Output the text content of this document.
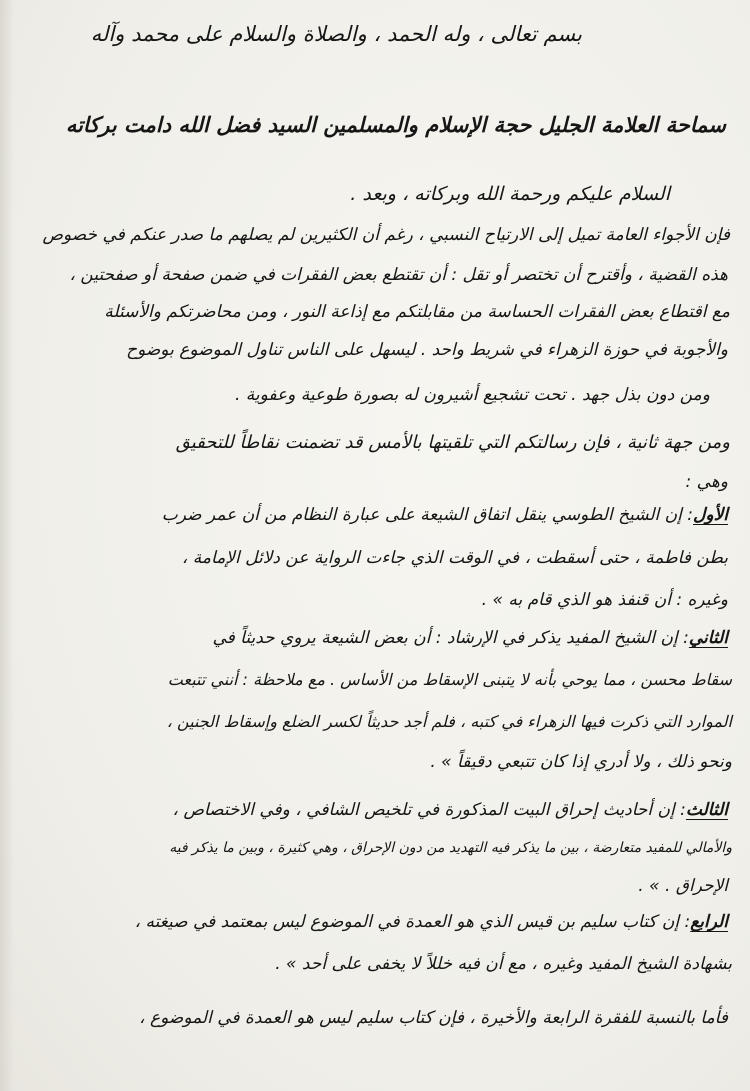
بسم تعالى ، وله الحمد ، والصلاة والسلام على محمد وآله
سماحة العلامة الجليل حجة الإسلام والمسلمين السيد فضل الله دامت بركاته
السلام عليكم ورحمة الله وبركاته ، وبعد .
فإن الأجواء العامة تميل إلى الارتياح النسبي ، رغم أن الكثيرين لم يصلهم ما صدر عنكم في خصوص
هذه القضية ، وأقترح أن تختصر أو تقل : أن تقتطع بعض الفقرات في ضمن صفحة أو صفحتين ،
مع اقتطاع بعض الفقرات الحساسة من مقابلتكم مع إذاعة النور ، ومن محاضرتكم والأسئلة
والأجوبة في حوزة الزهراء في شريط واحد . ليسهل على الناس تناول الموضوع بوضوح
ومن دون بذل جهد . تحت تشجيع أشيرون له بصورة طوعية وعفوية .
ومن جهة ثانية ، فإن رسالتكم التي تلقيتها بالأمس قد تضمنت نقاطاً للتحقيق
وهي :
الأول: إن الشيخ الطوسي ينقل اتفاق الشيعة على عبارة النظام من أن عمر ضرب
بطن فاطمة ، حتى أسقطت ، في الوقت الذي جاءت الرواية عن دلائل الإمامة ،
وغيره : أن قنفذ هو الذي قام به » .
الثاني: إن الشيخ المفيد يذكر في الإرشاد : أن بعض الشيعة يروي حديثاً في
سقاط محسن ، مما يوحي بأنه لا يتبنى الإسقاط من الأساس . مع ملاحظة : أنني تتبعت
الموارد التي ذكرت فيها الزهراء في كتبه ، فلم أجد حديثاً لكسر الضلع وإسقاط الجنين ،
ونحو ذلك ، ولا أدري إذا كان تتبعي دقيقاً » .
الثالث: إن أحاديث إحراق البيت المذكورة في تلخيص الشافي ، وفي الاختصاص ،
والأمالي للمفيد متعارضة ، بين ما يذكر فيه التهديد من دون الإحراق ، وهي كثيرة ، وبين ما يذكر فيه
الإحراق . » .
الرابع: إن كتاب سليم بن قيس الذي هو العمدة في الموضوع ليس بمعتمد في صيغته ،
بشهادة الشيخ المفيد وغيره ، مع أن فيه خللاً لا يخفى على أحد » .
فأما بالنسبة للفقرة الرابعة والأخيرة ، فإن كتاب سليم ليس هو العمدة في الموضوع ،
